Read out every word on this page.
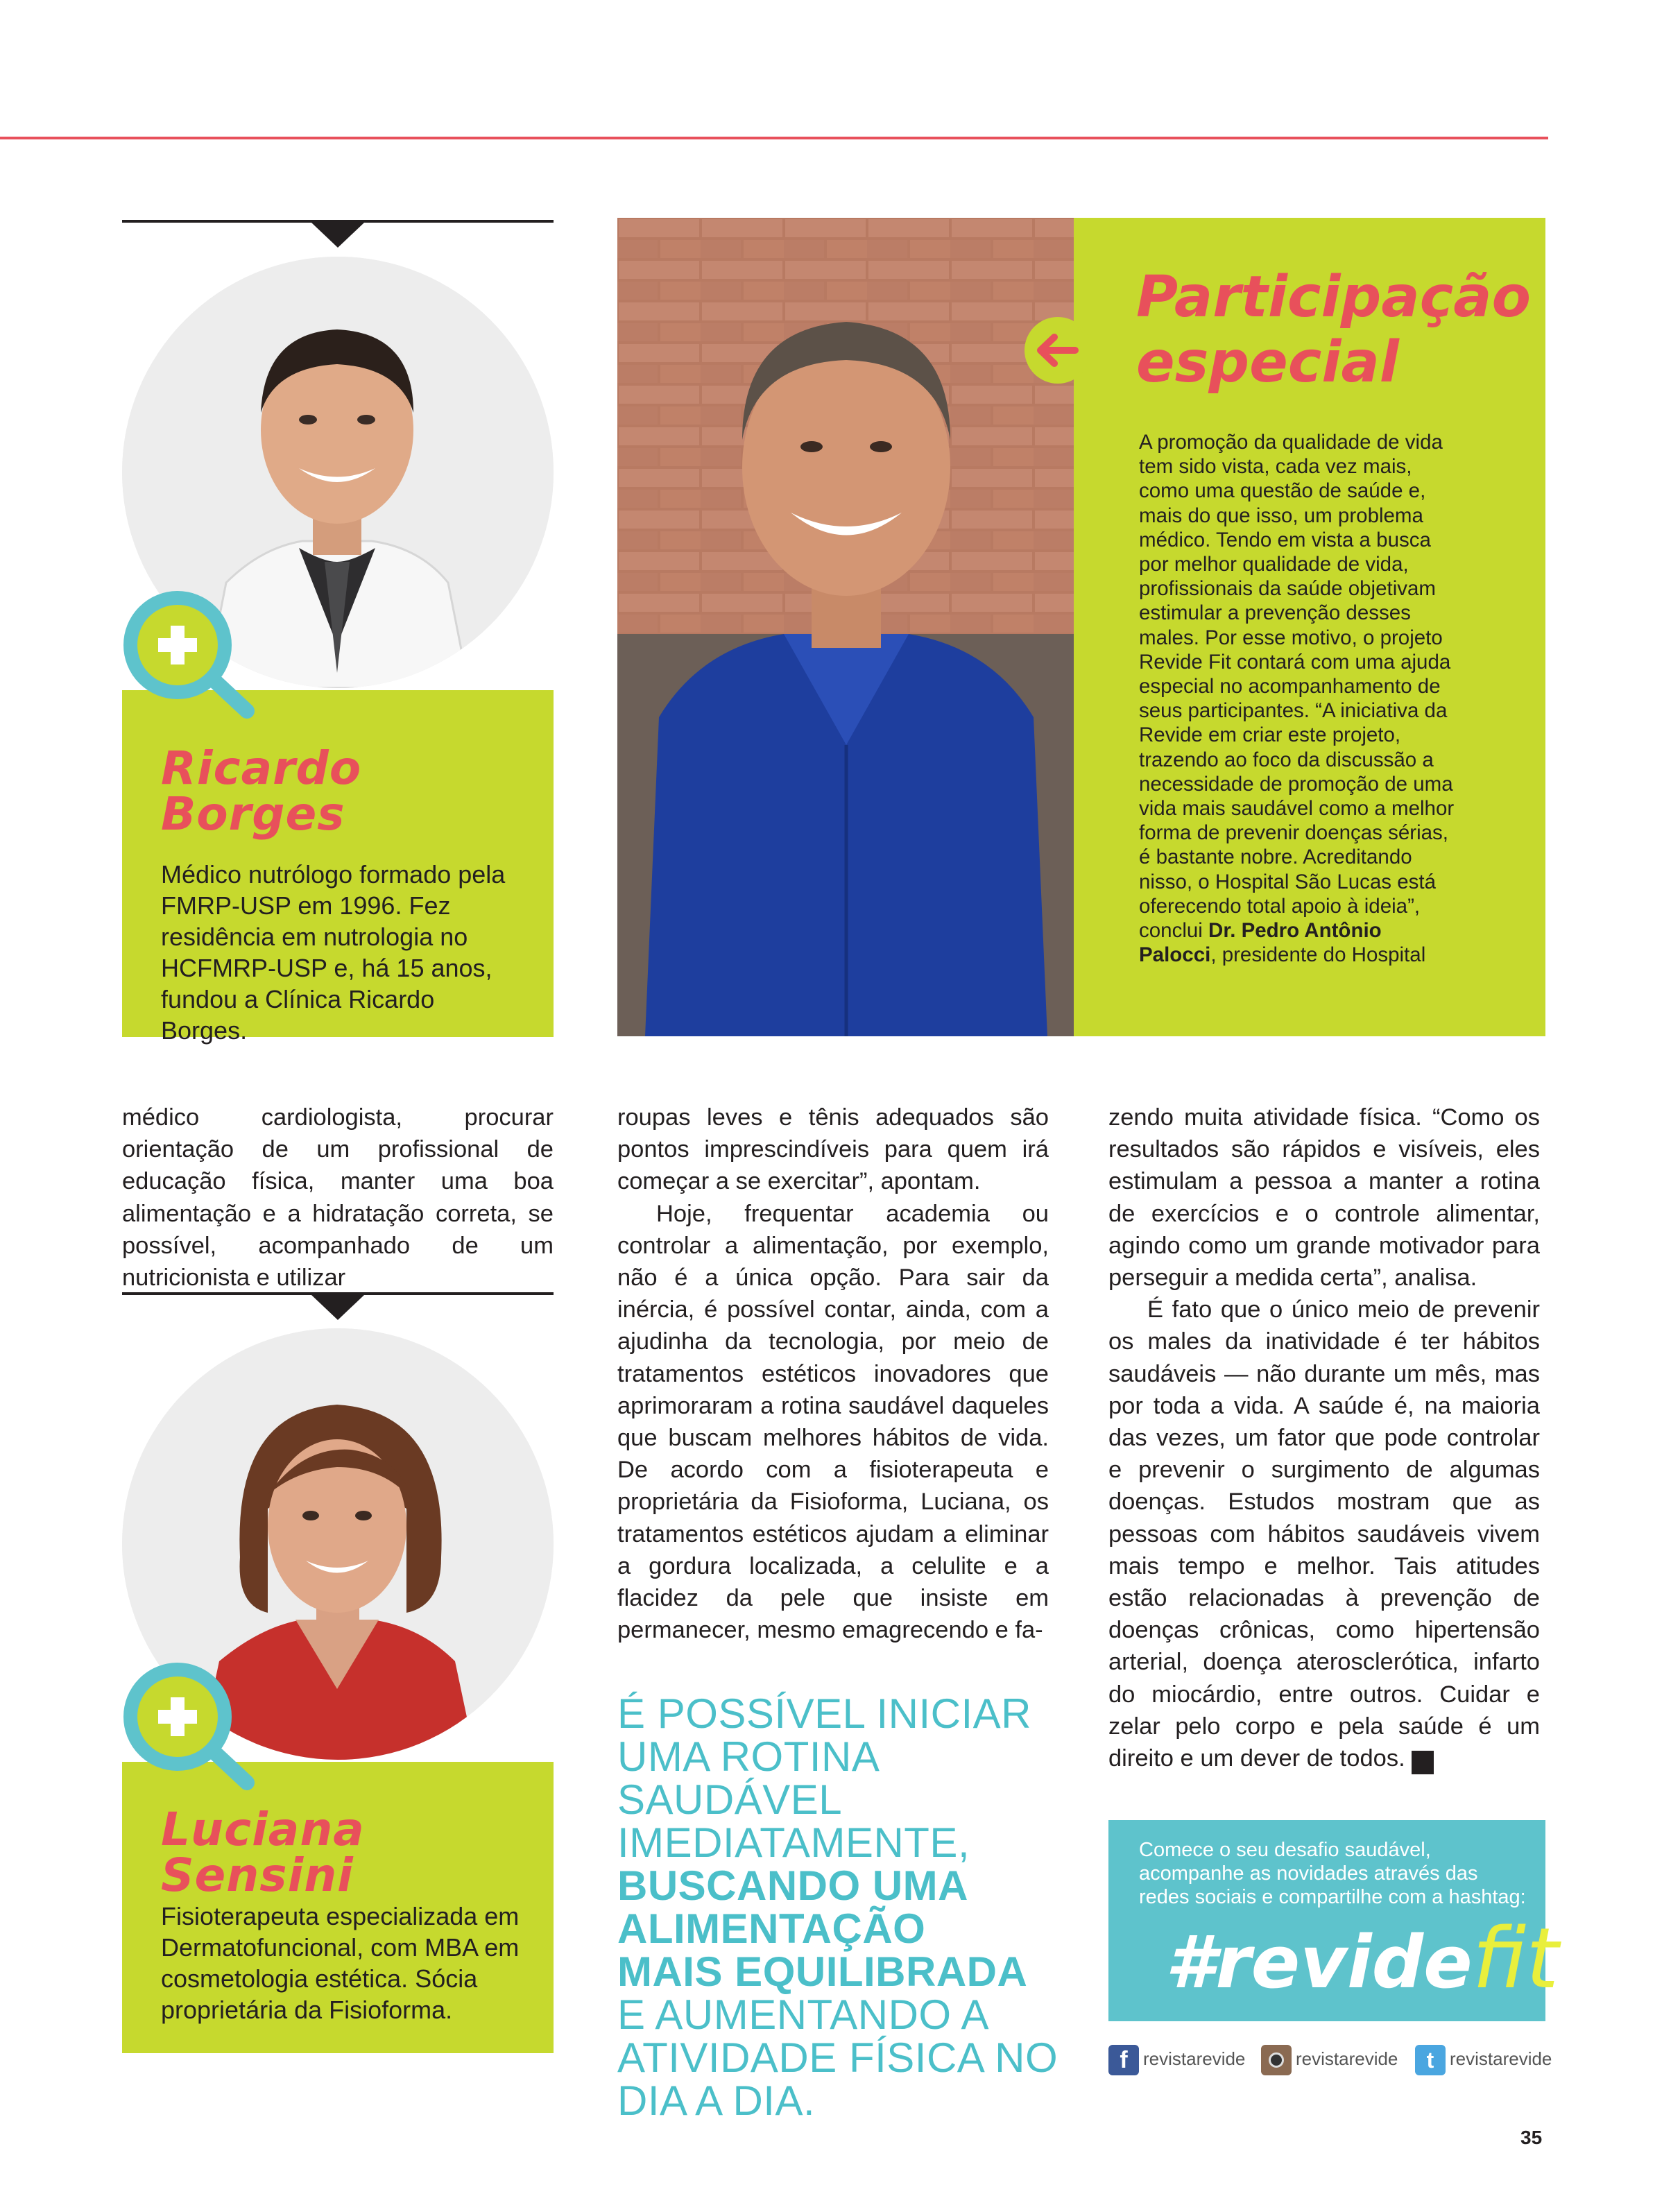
Ricardo
Borges
Médico nutrólogo formado pela FMRP-USP em 1996. Fez residência em nutrologia no HCFMRP-USP e, há 15 anos, fundou a Clínica Ricardo Borges.
Participação
especial
A promoção da qualidade de vida tem sido vista, cada vez mais, como uma questão de saúde e, mais do que isso, um problema médico. Tendo em vista a busca por melhor qualidade de vida, profissionais da saúde objetivam estimular a prevenção desses males. Por esse motivo, o projeto Revide Fit contará com uma ajuda especial no acompanhamento de seus participantes. “A iniciativa da Revide em criar este projeto, trazendo ao foco da discussão a necessidade de promoção de uma vida mais saudável como a melhor forma de prevenir doenças sérias, é bastante nobre. Acreditando nisso, o Hospital São Lucas está oferecendo total apoio à ideia”, conclui Dr. Pedro Antônio Palocci, presidente do Hospital

médico cardiologista, procurar orientação de um profissional de educação física, manter uma boa alimentação e a hidratação correta, se possível, acompanhado de um nutricionista e utilizar

roupas leves e tênis adequados são pontos imprescindíveis para quem irá começar a se exercitar”, apontam.

Hoje, frequentar academia ou controlar a alimentação, por exemplo, não é a única opção. Para sair da inércia, é possível contar, ainda, com a ajudinha da tecnologia, por meio de tratamentos estéticos inovadores que aprimoraram a rotina saudável daqueles que buscam melhores hábitos de vida. De acordo com a fisioterapeuta e proprietária da Fisioforma, Luciana, os tratamentos estéticos ajudam a eliminar a gordura localizada, a celulite e a flacidez da pele que insiste em permanecer, mesmo emagrecendo e fa-

zendo muita atividade física. “Como os resultados são rápidos e visíveis, eles estimulam a pessoa a manter a rotina de exercícios e o controle alimentar, agindo como um grande motivador para perseguir a medida certa”, analisa.

É fato que o único meio de prevenir os males da inatividade é ter hábitos saudáveis — não durante um mês, mas por toda a vida. A saúde é, na maioria das vezes, um fator que pode controlar e prevenir o surgimento de algumas doenças. Estudos mostram que as pessoas com hábitos saudáveis vivem mais tempo e melhor. Tais atitudes estão relacionadas à prevenção de doenças crônicas, como hipertensão arterial, doença aterosclerótica, infarto do miocárdio, entre outros. Cuidar e zelar pelo corpo e pela saúde é um direito e um dever de todos. r

Luciana
Sensini
Fisioterapeuta especializada em Dermatofuncional, com MBA em cosmetologia estética. Sócia proprietária da Fisioforma.
É POSSÍVEL INICIAR
UMA ROTINA SAUDÁVEL
IMEDIATAMENTE,
BUSCANDO UMA
ALIMENTAÇÃO
MAIS EQUILIBRADA
E AUMENTANDO A
ATIVIDADE FÍSICA NO
DIA A DIA.
Comece o seu desafio saudável,
acompanhe as novidades através das
redes sociais e compartilhe com a hashtag:
#revidefit
f revistarevide	revistarevide	t revistarevide
35
